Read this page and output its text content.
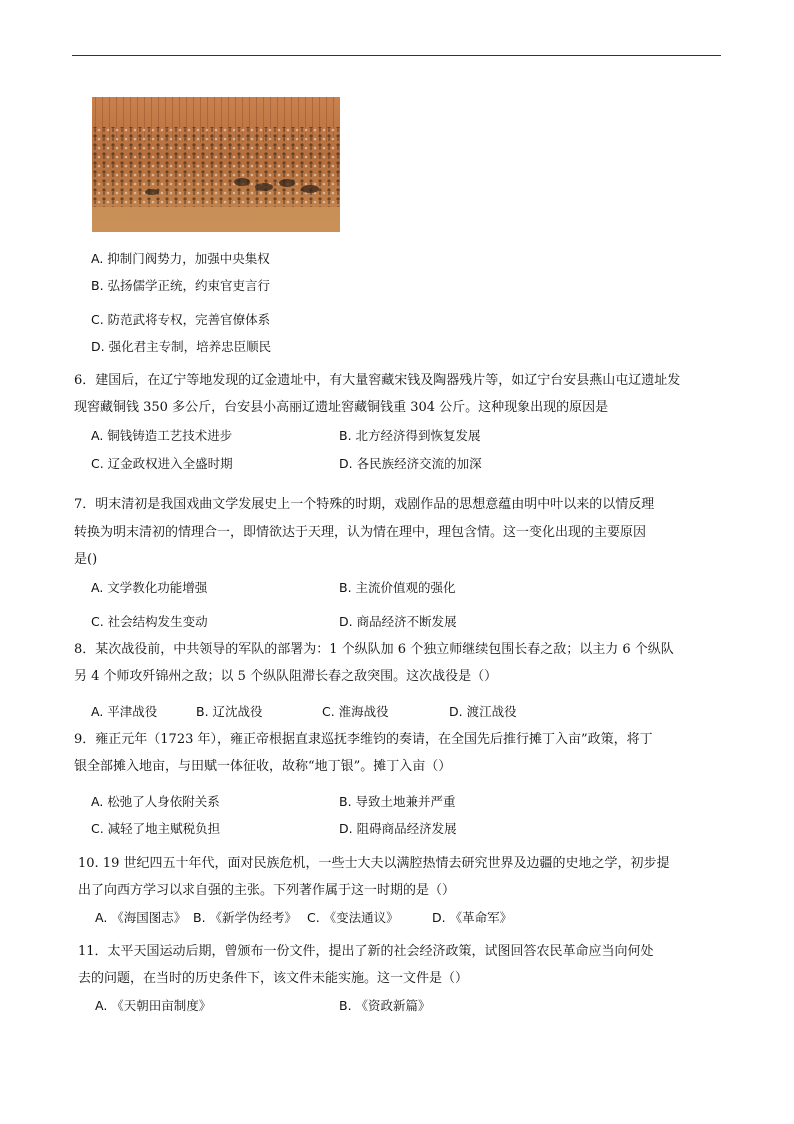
A. 抑制门阀势力，加强中央集权
B. 弘扬儒学正统，约束官吏言行
C. 防范武将专权，完善官僚体系
D. 强化君主专制，培养忠臣顺民
6．建国后，在辽宁等地发现的辽金遗址中，有大量窖藏宋钱及陶器残片等，如辽宁台安县燕山屯辽遗址发
现窖藏铜钱 350 多公斤，台安县小高丽辽遗址窖藏铜钱重 304 公斤。这种现象出现的原因是
A. 铜钱铸造工艺技术进步	B. 北方经济得到恢复发展
C. 辽金政权进入全盛时期	D. 各民族经济交流的加深
7．明末清初是我国戏曲文学发展史上一个特殊的时期，戏剧作品的思想意蕴由明中叶以来的以情反理
转换为明末清初的情理合一，即情欲达于天理，认为情在理中，理包含情。这一变化出现的主要原因
是()
A. 文学教化功能增强	B. 主流价值观的强化
C. 社会结构发生变动	D. 商品经济不断发展
8．某次战役前，中共领导的军队的部署为：1 个纵队加 6 个独立师继续包围长春之敌；以主力 6 个纵队
另 4 个师攻歼锦州之敌；以 5 个纵队阻滞长春之敌突围。这次战役是（）
A. 平津战役	B. 辽沈战役	C. 淮海战役	D. 渡江战役
9．雍正元年（1723 年），雍正帝根据直隶巡抚李维钧的奏请，在全国先后推行摊丁入亩”政策，将丁
银全部摊入地亩，与田赋一体征收，故称“地丁银”。摊丁入亩（）
A. 松弛了人身依附关系	B. 导致土地兼并严重
C. 减轻了地主赋税负担	D. 阻碍商品经济发展
10. 19 世纪四五十年代，面对民族危机，一些士大夫以满腔热情去研究世界及边疆的史地之学，初步提
出了向西方学习以求自强的主张。下列著作属于这一时期的是（）
A. 《海国图志》 B. 《新学伪经考》 C. 《变法通议》	D. 《革命军》
11．太平天国运动后期，曾颁布一份文件，提出了新的社会经济政策，试图回答农民革命应当向何处
去的问题，在当时的历史条件下，该文件未能实施。这一文件是（）
A. 《天朝田亩制度》	B. 《资政新篇》
